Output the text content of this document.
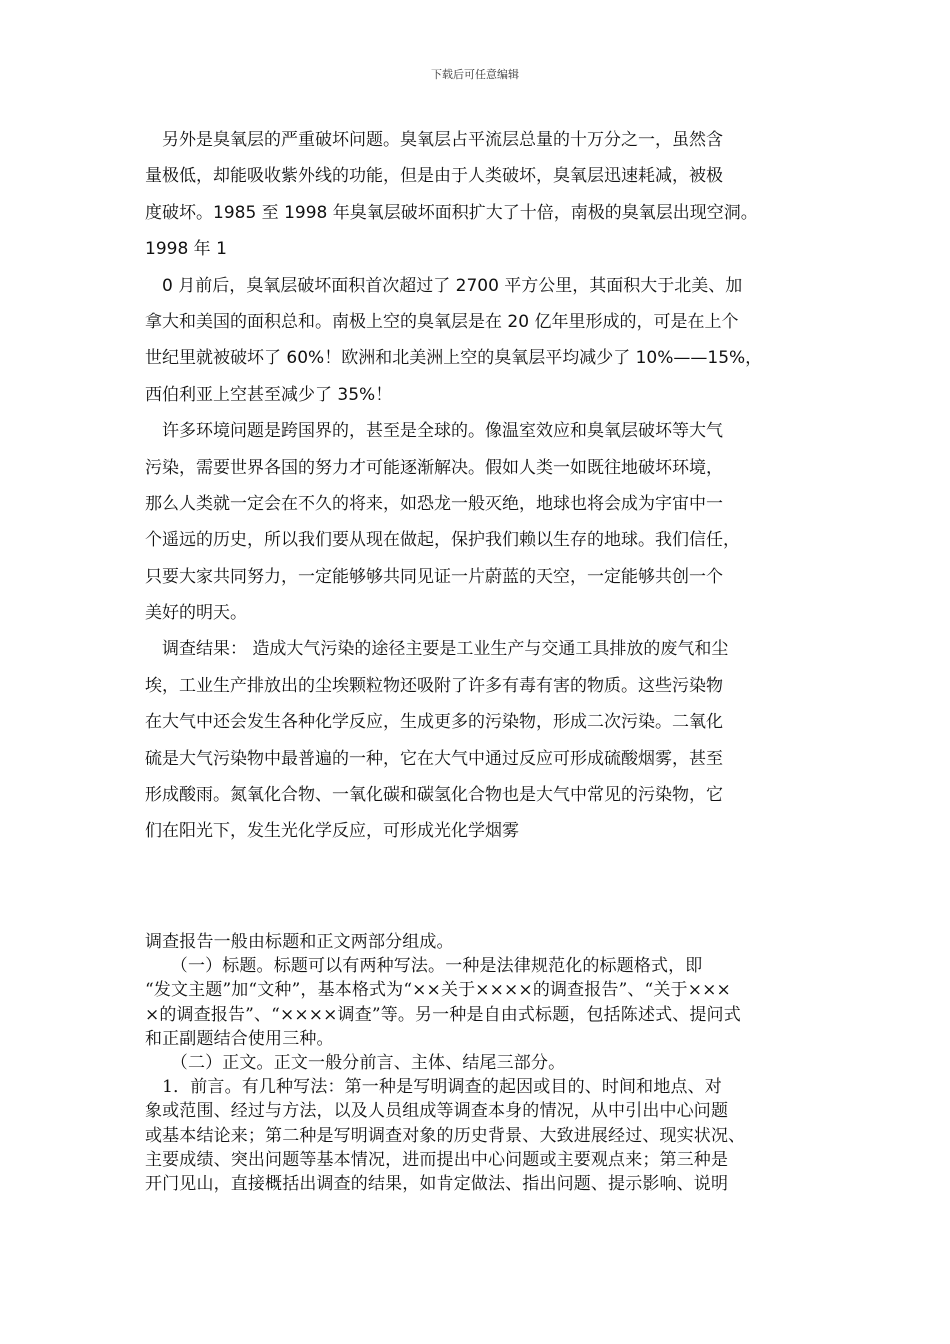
下载后可任意编辑
　另外是臭氧层的严重破坏问题。臭氧层占平流层总量的十万分之一，虽然含
量极低，却能吸收紫外线的功能，但是由于人类破坏，臭氧层迅速耗减，被极
度破坏。1985 至 1998 年臭氧层破坏面积扩大了十倍，南极的臭氧层出现空洞。
1998 年 1
　0 月前后，臭氧层破坏面积首次超过了 2700 平方公里，其面积大于北美、加
拿大和美国的面积总和。南极上空的臭氧层是在 20 亿年里形成的，可是在上个
世纪里就被破坏了 60%！欧洲和北美洲上空的臭氧层平均减少了 10%——15%，
西伯利亚上空甚至减少了 35%！
　许多环境问题是跨国界的，甚至是全球的。像温室效应和臭氧层破坏等大气
污染，需要世界各国的努力才可能逐渐解决。假如人类一如既往地破坏环境，
那么人类就一定会在不久的将来，如恐龙一般灭绝，地球也将会成为宇宙中一
个遥远的历史，所以我们要从现在做起，保护我们赖以生存的地球。我们信任，
只要大家共同努力，一定能够够共同见证一片蔚蓝的天空，一定能够共创一个
美好的明天。
　调查结果： 造成大气污染的途径主要是工业生产与交通工具排放的废气和尘
埃，工业生产排放出的尘埃颗粒物还吸附了许多有毒有害的物质。这些污染物
在大气中还会发生各种化学反应，生成更多的污染物，形成二次污染。二氧化
硫是大气污染物中最普遍的一种，它在大气中通过反应可形成硫酸烟雾，甚至
形成酸雨。氮氧化合物、一氧化碳和碳氢化合物也是大气中常见的污染物，它
们在阳光下，发生光化学反应，可形成光化学烟雾
调查报告一般由标题和正文两部分组成。
　　（一）标题。标题可以有两种写法。一种是法律规范化的标题格式，即
“发文主题”加“文种”，基本格式为“××关于××××的调查报告”、“关于×××
×的调查报告”、“××××调查”等。另一种是自由式标题，包括陈述式、提问式
和正副题结合使用三种。
　　（二）正文。正文一般分前言、主体、结尾三部分。
　1．前言。有几种写法：第一种是写明调查的起因或目的、时间和地点、对
象或范围、经过与方法，以及人员组成等调查本身的情况，从中引出中心问题
或基本结论来；第二种是写明调查对象的历史背景、大致进展经过、现实状况、
主要成绩、突出问题等基本情况，进而提出中心问题或主要观点来；第三种是
开门见山，直接概括出调查的结果，如肯定做法、指出问题、提示影响、说明
